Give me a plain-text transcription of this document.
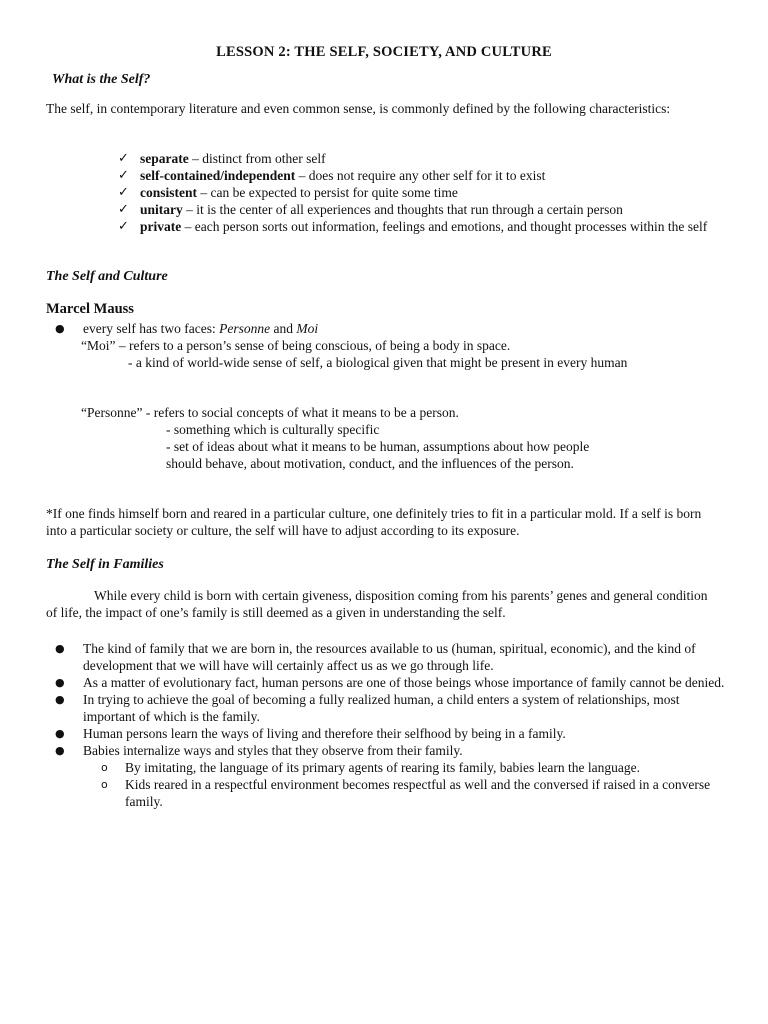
LESSON 2: THE SELF, SOCIETY, AND CULTURE
What is the Self?
The self, in contemporary literature and even common sense, is commonly defined by the following characteristics:
✓ separate – distinct from other self
✓ self-contained/independent – does not require any other self for it to exist
✓ consistent – can be expected to persist for quite some time
✓ unitary – it is the center of all experiences and thoughts that run through a certain person
✓ private – each person sorts out information, feelings and emotions, and thought processes within the self
The Self and Culture
Marcel Mauss
● every self has two faces: Personne and Moi
“Moi” – refers to a person’s sense of being conscious, of being a body in space.
- a kind of world-wide sense of self, a biological given that might be present in every human
“Personne” - refers to social concepts of what it means to be a person.
- something which is culturally specific
- set of ideas about what it means to be human, assumptions about how people should behave, about motivation, conduct, and the influences of the person.
*If one finds himself born and reared in a particular culture, one definitely tries to fit in a particular mold. If a self is born into a particular society or culture, the self will have to adjust according to its exposure.
The Self in Families
While every child is born with certain giveness, disposition coming from his parents’ genes and general condition of life, the impact of one’s family is still deemed as a given in understanding the self.
● The kind of family that we are born in, the resources available to us (human, spiritual, economic), and the kind of development that we will have will certainly affect us as we go through life.
● As a matter of evolutionary fact, human persons are one of those beings whose importance of family cannot be denied.
● In trying to achieve the goal of becoming a fully realized human, a child enters a system of relationships, most important of which is the family.
● Human persons learn the ways of living and therefore their selfhood by being in a family.
● Babies internalize ways and styles that they observe from their family.
o By imitating, the language of its primary agents of rearing its family, babies learn the language.
o Kids reared in a respectful environment becomes respectful as well and the conversed if raised in a converse family.
